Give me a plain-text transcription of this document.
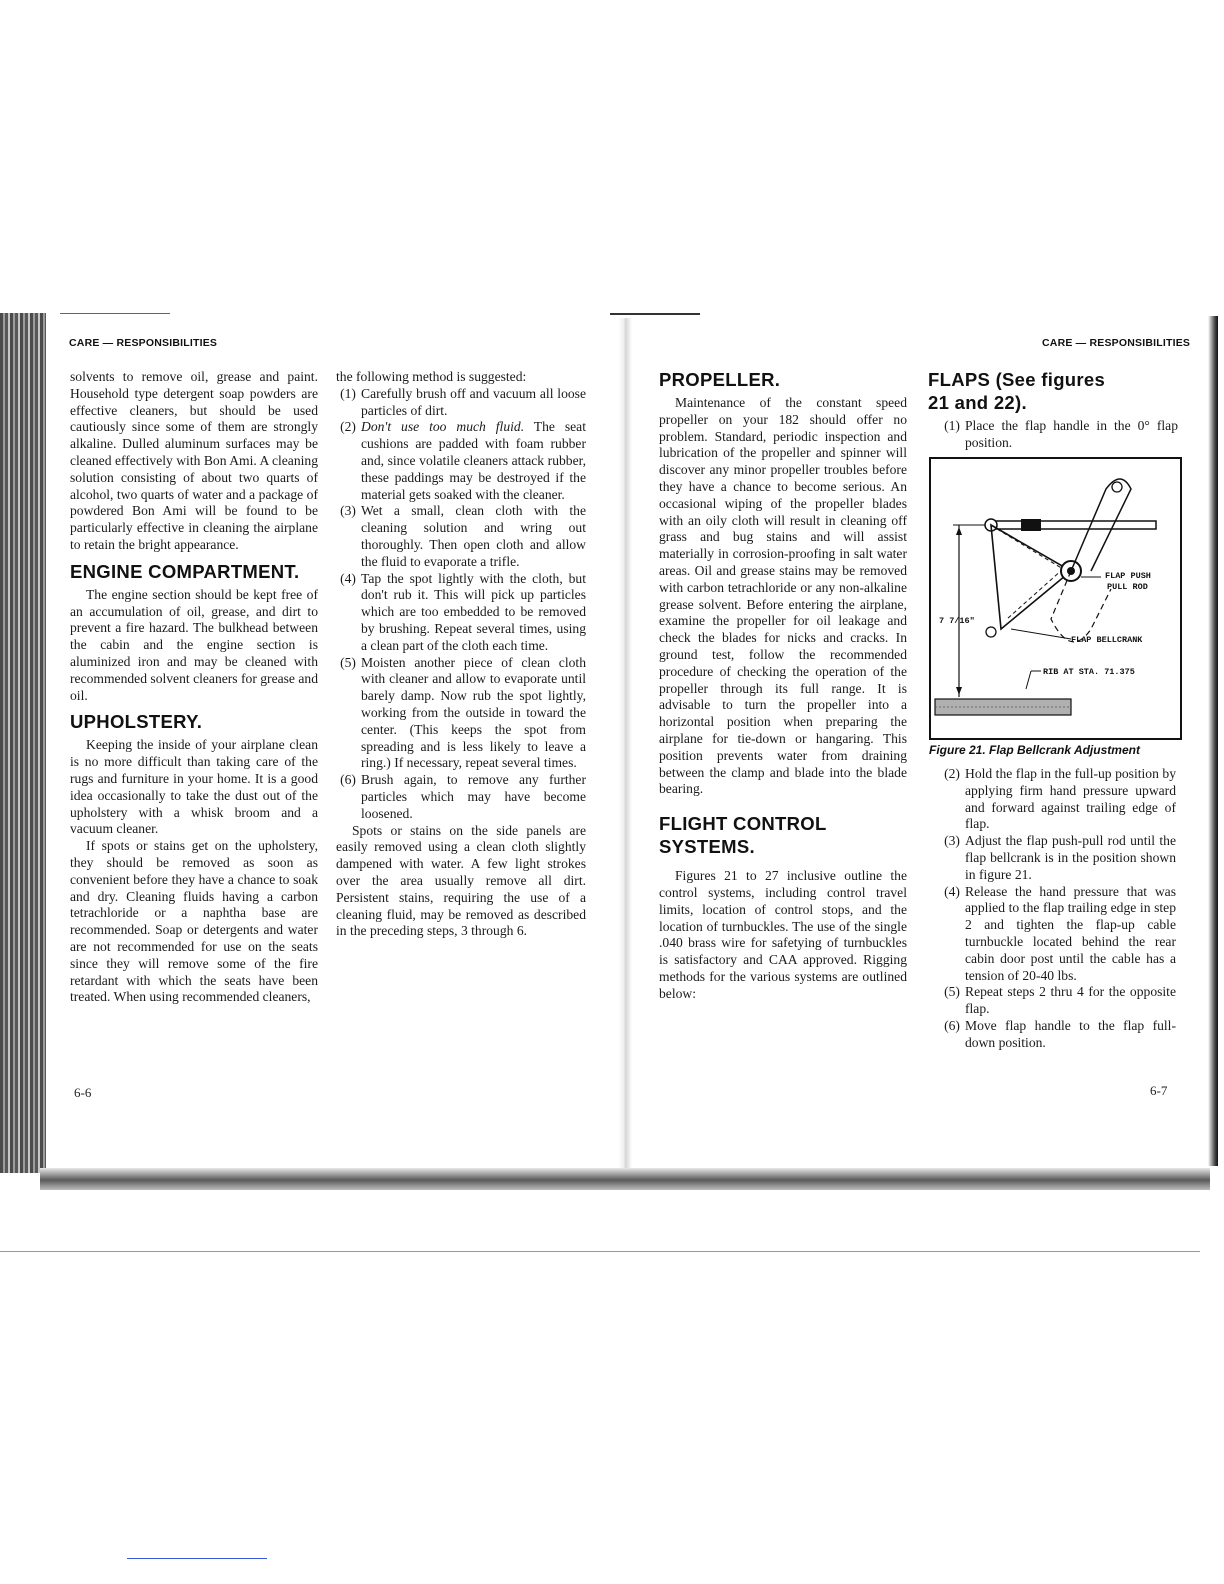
CARE — RESPONSIBILITIES

solvents to remove oil, grease and paint. Household type detergent soap powders are effective cleaners, but should be used cautiously since some of them are strongly alkaline. Dulled aluminum surfaces may be cleaned effectively with Bon Ami. A cleaning solution consisting of about two quarts of alcohol, two quarts of water and a package of powdered Bon Ami will be found to be particularly effective in cleaning the airplane to retain the bright appearance.

ENGINE COMPARTMENT.

The engine section should be kept free of an accumulation of oil, grease, and dirt to prevent a fire hazard. The bulkhead between the cabin and the engine section is aluminized iron and may be cleaned with recommended solvent cleaners for grease and oil.

UPHOLSTERY.

Keeping the inside of your airplane clean is no more difficult than taking care of the rugs and furniture in your home. It is a good idea occasionally to take the dust out of the upholstery with a whisk broom and a vacuum cleaner.

If spots or stains get on the upholstery, they should be removed as soon as convenient before they have a chance to soak and dry. Cleaning fluids having a carbon tetrachloride or a naphtha base are recommended. Soap or detergents and water are not recommended for use on the seats since they will remove some of the fire retardant with which the seats have been treated. When using recommended cleaners,

the following method is suggested:

(1) Carefully brush off and vacuum all loose particles of dirt.
(2) Don't use too much fluid. The seat cushions are padded with foam rubber and, since volatile cleaners attack rubber, these paddings may be destroyed if the material gets soaked with the cleaner.
(3) Wet a small, clean cloth with the cleaning solution and wring out thoroughly. Then open cloth and allow the fluid to evaporate a trifle.
(4) Tap the spot lightly with the cloth, but don't rub it. This will pick up particles which are too embedded to be removed by brushing. Repeat several times, using a clean part of the cloth each time.
(5) Moisten another piece of clean cloth with cleaner and allow to evaporate until barely damp. Now rub the spot lightly, working from the outside in toward the center. (This keeps the spot from spreading and is less likely to leave a ring.) If necessary, repeat several times.
(6) Brush again, to remove any further particles which may have become loosened.

Spots or stains on the side panels are easily removed using a clean cloth slightly dampened with water. A few light strokes over the area usually remove all dirt. Persistent stains, requiring the use of a cleaning fluid, may be removed as described in the preceding steps, 3 through 6.

6-6
CARE — RESPONSIBILITIES
PROPELLER.

Maintenance of the constant speed propeller on your 182 should offer no problem. Standard, periodic inspection and lubrication of the propeller and spinner will discover any minor propeller troubles before they have a chance to become serious. An occasional wiping of the propeller blades with an oily cloth will result in cleaning off grass and bug stains and will assist materially in corrosion-proofing in salt water areas. Oil and grease stains may be removed with carbon tetrachloride or any non-alkaline grease solvent. Before entering the airplane, examine the propeller for oil leakage and check the blades for nicks and cracks. In ground test, follow the recommended procedure of checking the operation of the propeller through its full range. It is advisable to turn the propeller into a horizontal position when preparing the airplane for tie-down or hangaring. This position prevents water from draining between the clamp and blade into the blade bearing.

FLIGHT CONTROL
SYSTEMS.

Figures 21 to 27 inclusive outline the control systems, including control travel limits, location of control stops, and the location of turnbuckles. The use of the single .040 brass wire for safetying of turnbuckles is satisfactory and CAA approved. Rigging methods for the various systems are outlined below:

FLAPS (See figures
21 and 22).
(1) Place the flap handle in the 0° flap position.
FLAP PUSH
PULL ROD
FLAP BELLCRANK
RIB AT STA. 71.375
7 7/16"
Figure 21. Flap Bellcrank Adjustment
(2) Hold the flap in the full-up position by applying firm hand pressure upward and forward against trailing edge of flap.
(3) Adjust the flap push-pull rod until the flap bellcrank is in the position shown in figure 21.
(4) Release the hand pressure that was applied to the flap trailing edge in step 2 and tighten the flap-up cable turnbuckle located behind the rear cabin door post until the cable has a tension of 20-40 lbs.
(5) Repeat steps 2 thru 4 for the opposite flap.
(6) Move flap handle to the flap full-down position.
6-7
